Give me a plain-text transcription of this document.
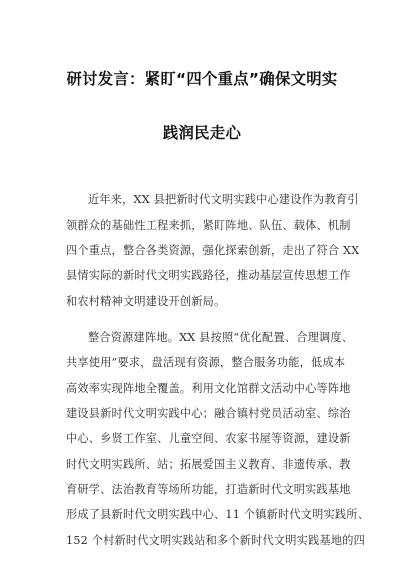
研讨发言：紧盯“四个重点”确保文明实
践润民走心
近年来，XX 县把新时代文明实践中心建设作为教育引
领群众的基础性工程来抓，紧盯阵地、队伍、载体、机制
四个重点，整合各类资源，强化探索创新，走出了符合 XX
县情实际的新时代文明实践路径，推动基层宣传思想工作
和农村精神文明建设开创新局。
整合资源建阵地。XX 县按照“优化配置、合理调度、
共享使用”要求，盘活现有资源，整合服务功能，低成本
高效率实现阵地全覆盖。利用文化馆群文活动中心等阵地
建设县新时代文明实践中心；融合镇村党员活动室、综治
中心、乡贤工作室、儿童空间、农家书屋等资源，建设新
时代文明实践所、站；拓展爱国主义教育、非遗传承、教
育研学、法治教育等场所功能，打造新时代文明实践基地
形成了县新时代文明实践中心、11 个镇新时代文明实践所、
152 个村新时代文明实践站和多个新时代文明实践基地的四
